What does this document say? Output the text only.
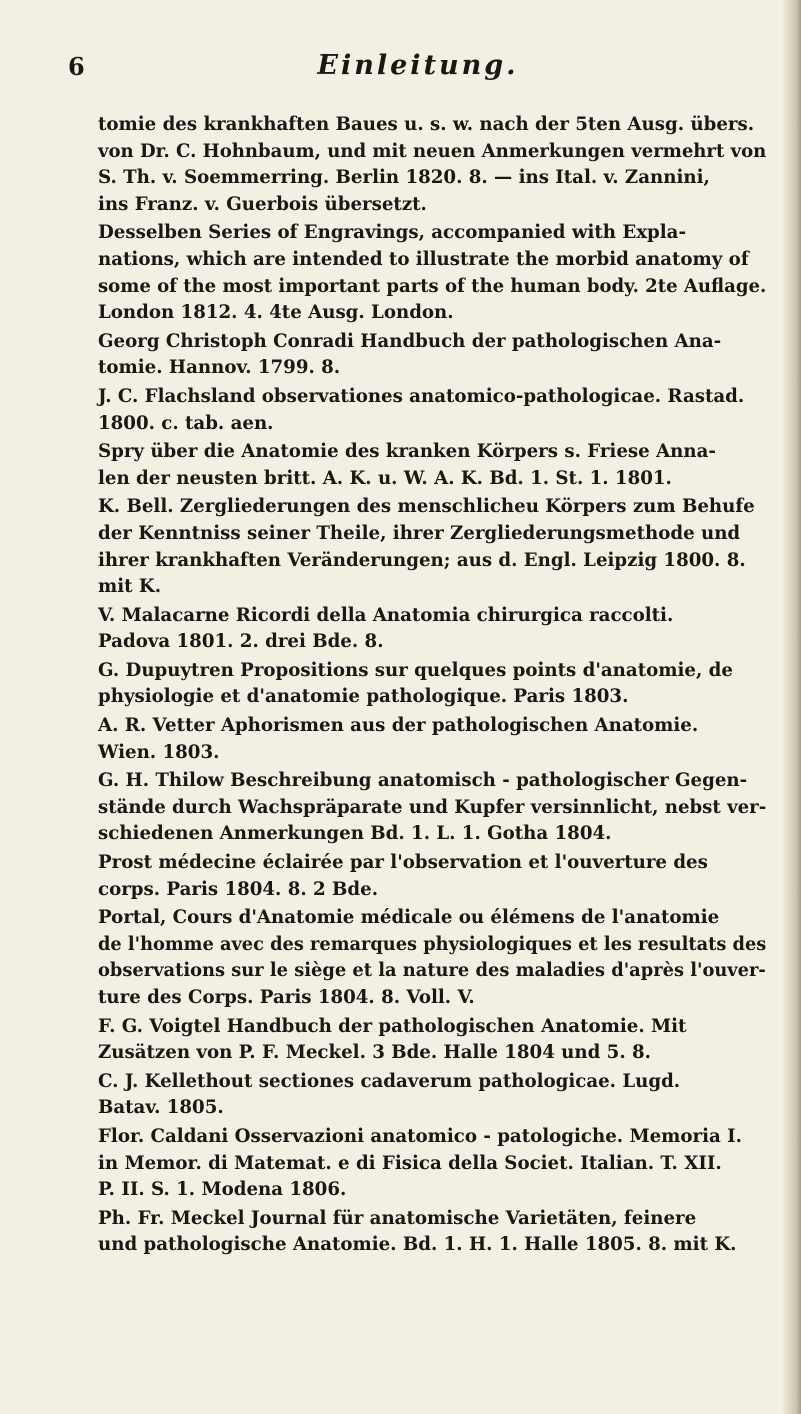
6	Einleitung.
tomie des krankhaften Baues u. s. w. nach der 5ten Ausg. übers.
von Dr. C. Hohnbaum, und mit neuen Anmerkungen vermehrt von
S. Th. v. Soemmerring. Berlin 1820. 8. — ins Ital. v. Zannini,
ins Franz. v. Guerbois übersetzt.
Desselben Series of Engravings, accompanied with Expla-
nations, which are intended to illustrate the morbid anatomy of
some of the most important parts of the human body. 2te Auflage.
London 1812. 4. 4te Ausg. London.
Georg Christoph Conradi Handbuch der pathologischen Ana-
tomie. Hannov. 1799. 8.
J. C. Flachsland observationes anatomico-pathologicae. Rastad.
1800. c. tab. aen.
Spry über die Anatomie des kranken Körpers s. Friese Anna-
len der neusten britt. A. K. u. W. A. K. Bd. 1. St. 1. 1801.
K. Bell. Zergliederungen des menschlicheu Körpers zum Behufe
der Kenntniss seiner Theile, ihrer Zergliederungsmethode und
ihrer krankhaften Veränderungen; aus d. Engl. Leipzig 1800. 8.
mit K.
V. Malacarne Ricordi della Anatomia chirurgica raccolti.
Padova 1801. 2. drei Bde. 8.
G. Dupuytren Propositions sur quelques points d'anatomie, de
physiologie et d'anatomie pathologique. Paris 1803.
A. R. Vetter Aphorismen aus der pathologischen Anatomie.
Wien. 1803.
G. H. Thilow Beschreibung anatomisch - pathologischer Gegen-
stände durch Wachspräparate und Kupfer versinnlicht, nebst ver-
schiedenen Anmerkungen Bd. 1. L. 1. Gotha 1804.
Prost médecine éclairée par l'observation et l'ouverture des
corps. Paris 1804. 8. 2 Bde.
Portal, Cours d'Anatomie médicale ou élémens de l'anatomie
de l'homme avec des remarques physiologiques et les resultats des
observations sur le siège et la nature des maladies d'après l'ouver-
ture des Corps. Paris 1804. 8. Voll. V.
F. G. Voigtel Handbuch der pathologischen Anatomie. Mit
Zusätzen von P. F. Meckel. 3 Bde. Halle 1804 und 5. 8.
C. J. Kellethout sectiones cadaverum pathologicae. Lugd.
Batav. 1805.
Flor. Caldani Osservazioni anatomico - patologiche. Memoria I.
in Memor. di Matemat. e di Fisica della Societ. Italian. T. XII.
P. II. S. 1. Modena 1806.
Ph. Fr. Meckel Journal für anatomische Varietäten, feinere
und pathologische Anatomie. Bd. 1. H. 1. Halle 1805. 8. mit K.
